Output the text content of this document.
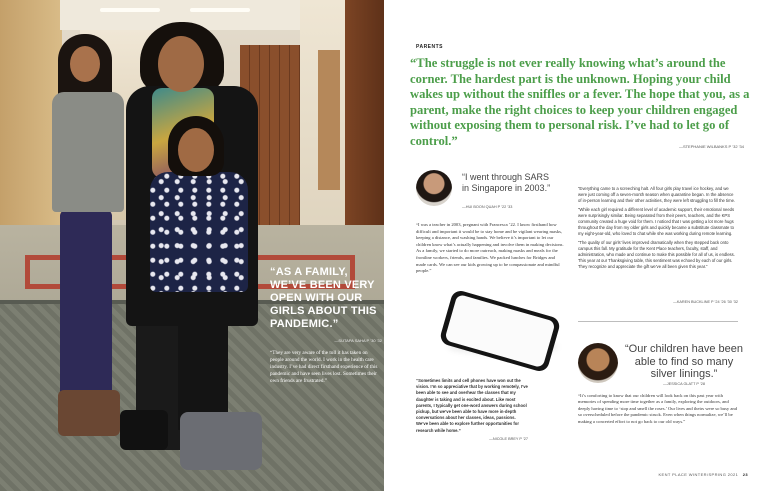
“AS A FAMILY, WE’VE BEEN VERY OPEN WITH OUR GIRLS ABOUT THIS PANDEMIC.”
—SUTAPA SAHA P ’30 ’32
“They are very aware of the toll it has taken on people around the world. I work in the health care industry. I’ve had direct firsthand experience of this pandemic and have seen lives lost. Sometimes their own friends are frustrated.”
PARENTS
“The struggle is not ever really knowing what’s around the corner. The hardest part is the unknown. Hoping your child wakes up without the sniffles or a fever. The hope that you, as a parent, make the right choices to keep your children engaged without exposing them to personal risk. I’ve had to let go of control.”	—STEPHANIE WILBANKS P ’32 ’34
“I went through SARS in Singapore in 2003.”
—HUI BOON QUAH P ’22 ’33
“I was a teacher in 2003, pregnant with Francesca ’22. I know firsthand how difficult and important it would be to stay home and be vigilant wearing masks, keeping a distance, and washing hands. We believe it’s important to let our children know what’s actually happening and involve them in making decisions. As a family, we started to do more outreach, making masks and meals for the frontline workers, friends, and families. We packed lunches for Bridges and made cards. We can see our kids growing up to be compassionate and mindful people.”

“Everything came to a screeching halt. All four girls play travel ice hockey, and we were just coming off a seven-month season when quarantine began. In the absence of in-person learning and their other activities, they were left struggling to fill the time.

“While each girl required a different level of academic support, their emotional needs were surprisingly similar. Being separated from their peers, teachers, and the KPS community created a huge void for them. I noticed that I was getting a lot more hugs throughout the day from my older girls and quickly became a substitute classmate to my eight-year-old, who loved to chat while she was working during remote learning.

“The quality of our girls’ lives improved dramatically when they stepped back onto campus this fall. My gratitude for the Kent Place teachers, faculty, staff, and administration, who made and continue to make this possible for all of us, is endless. This year at our Thanksgiving table, this sentiment was echoed by each of our girls. They recognize and appreciate the gift we’ve all been given this year.”

—KAREN BUCKLINE P ’24 ’26 ’30 ’32
“Sometimes limits and cell phones have won out the vision. I’m so appreciative that by working remotely, I’ve been able to see and overhear the classes that my daughter is taking and is excited about. Like most parents, I typically get one-word answers during school pickup, but we’ve been able to have more in-depth conversations about her classes, ideas, passions. We’ve been able to explore further opportunities for research while home.”
—NICOLE BREY P ’27
“Our children have been able to find so many silver linings.”
—JESSICA GLATT P ’28
“It’s comforting to know that our children will look back on this past year with memories of spending more time together as a family, exploring the outdoors, and deeply having time to ‘stop and smell the roses.’ Our lives and theirs were so busy and so overscheduled before the pandemic struck. Even when things normalize, we’ll be making a concerted effort to not go back to our old ways.”
KENT PLACE WINTER/SPRING 2021 23
